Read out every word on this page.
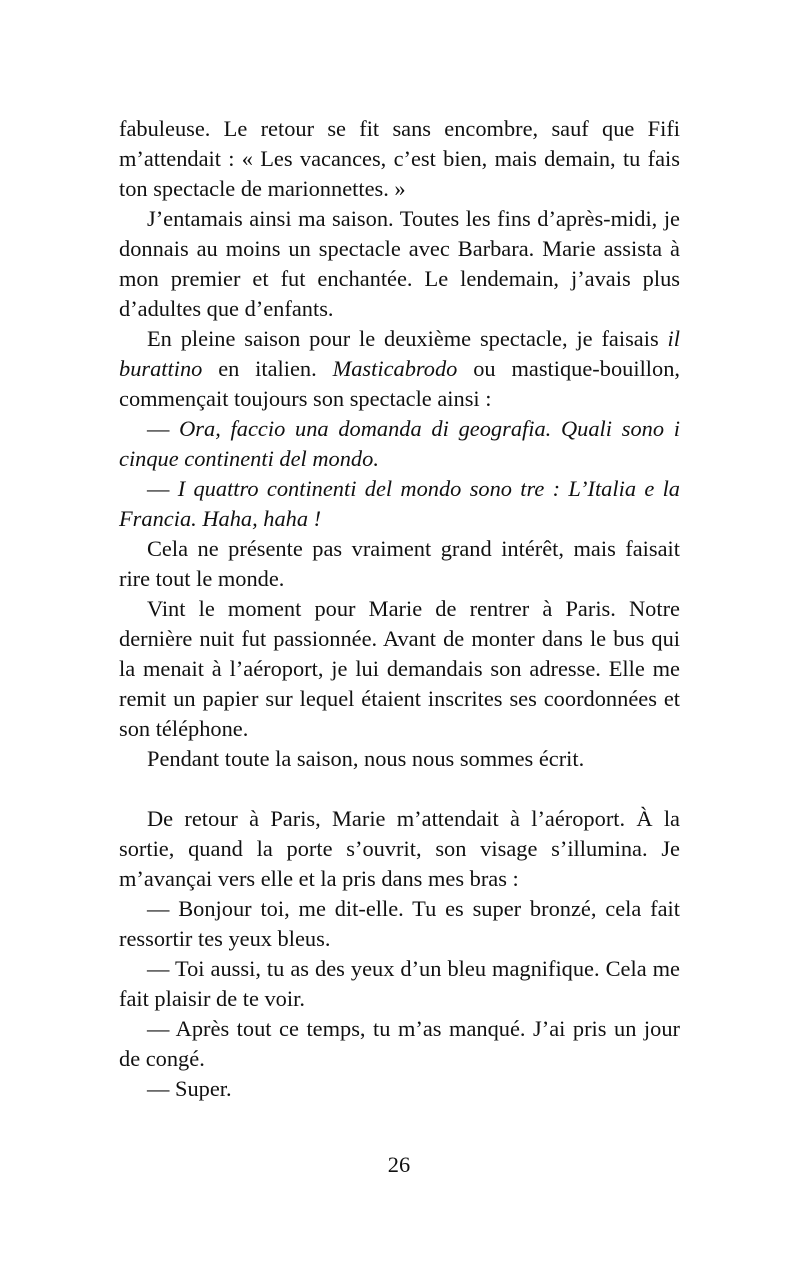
fabuleuse. Le retour se fit sans encombre, sauf que Fifi m’attendait : « Les vacances, c’est bien, mais demain, tu fais ton spectacle de marionnettes. »

J’entamais ainsi ma saison. Toutes les fins d’après-midi, je donnais au moins un spectacle avec Barbara. Marie assista à mon premier et fut enchantée. Le lendemain, j’avais plus d’adultes que d’enfants.

En pleine saison pour le deuxième spectacle, je faisais il burattino en italien. Masticabrodo ou mastique-bouillon, commençait toujours son spectacle ainsi :

— Ora, faccio una domanda di geografia. Quali sono i cinque continenti del mondo.

— I quattro continenti del mondo sono tre : L’Italia e la Francia. Haha, haha !

Cela ne présente pas vraiment grand intérêt, mais faisait rire tout le monde.

Vint le moment pour Marie de rentrer à Paris. Notre dernière nuit fut passionnée. Avant de monter dans le bus qui la menait à l’aéroport, je lui demandais son adresse. Elle me remit un papier sur lequel étaient inscrites ses coordonnées et son téléphone.

Pendant toute la saison, nous nous sommes écrit.

De retour à Paris, Marie m’attendait à l’aéroport. À la sortie, quand la porte s’ouvrit, son visage s’illumina. Je m’avançai vers elle et la pris dans mes bras :

— Bonjour toi, me dit-elle. Tu es super bronzé, cela fait ressortir tes yeux bleus.

— Toi aussi, tu as des yeux d’un bleu magnifique. Cela me fait plaisir de te voir.

— Après tout ce temps, tu m’as manqué. J’ai pris un jour de congé.

— Super.

26
